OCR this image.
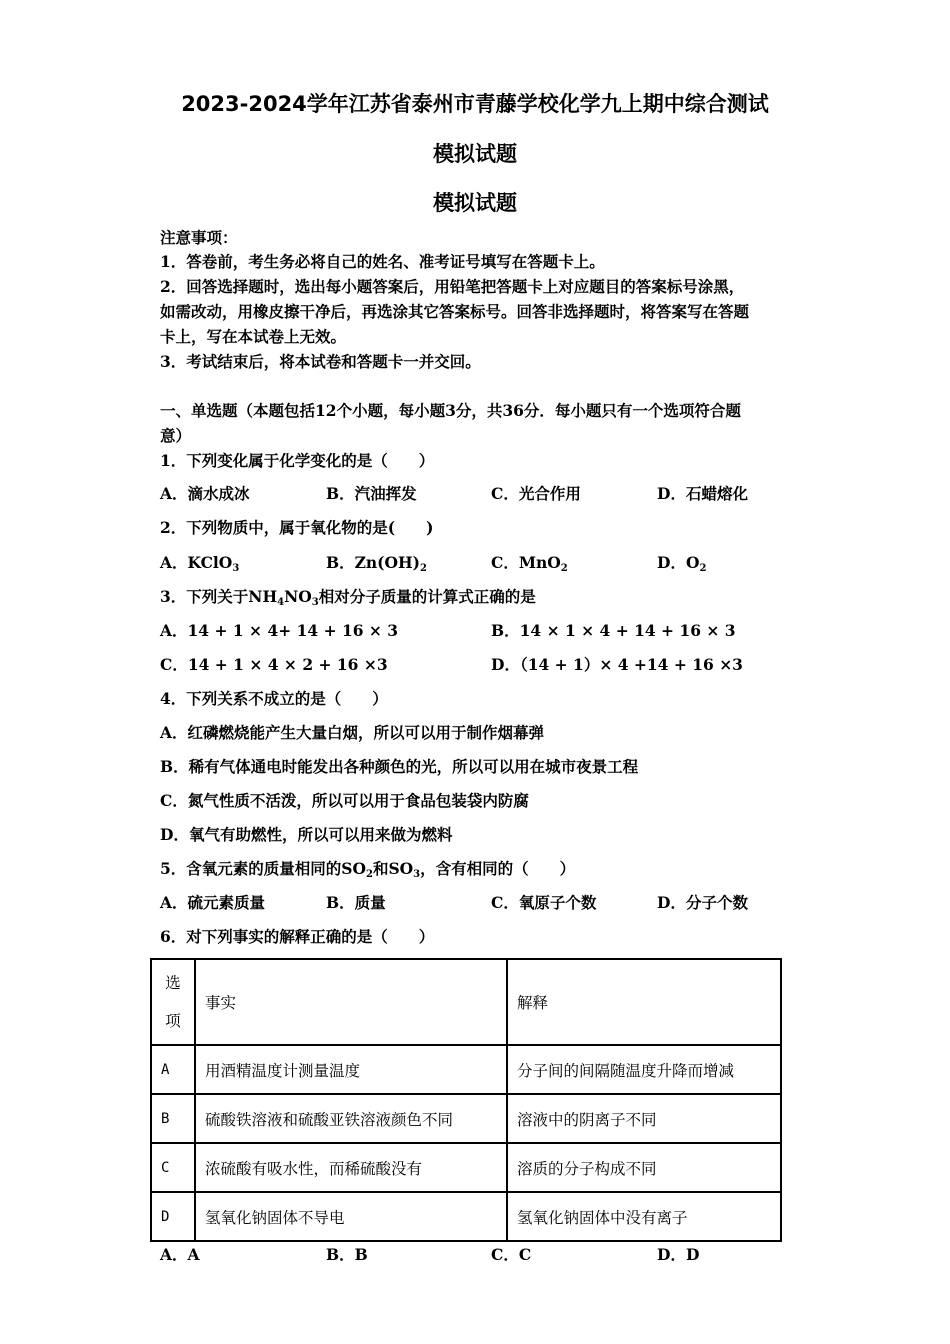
2023-2024学年江苏省泰州市青藤学校化学九上期中综合测试
模拟试题
模拟试题
注意事项：
1．答卷前，考生务必将自己的姓名、准考证号填写在答题卡上。
2．回答选择题时，选出每小题答案后，用铅笔把答题卡上对应题目的答案标号涂黑，
如需改动，用橡皮擦干净后，再选涂其它答案标号。回答非选择题时，将答案写在答题
卡上，写在本试卷上无效。
3．考试结束后，将本试卷和答题卡一并交回。
一、单选题（本题包括12个小题，每小题3分，共36分．每小题只有一个选项符合题
意）
1．下列变化属于化学变化的是（　　）
A．滴水成冰	B．汽油挥发	C．光合作用	D．石蜡熔化
2．下列物质中，属于氧化物的是(　　)
A．KClO$_3$	B．$Zn(OH)_2$	C．MnO$_2$	D．$O_2$
3．下列关于$NH_4NO_3$相对分子质量的计算式正确的是
A．14 + 1 × 4+ 14 + 16 × 3	B．14 × 1 × 4 + 14 + 16 × 3
C．14 + 1 × 4 × 2 + 16 ×3	D．（14 + 1）× 4 +14 + 16 ×3
4．下列关系不成立的是（　　）
A．红磷燃烧能产生大量白烟，所以可以用于制作烟幕弹
B．稀有气体通电时能发出各种颜色的光，所以可以用在城市夜景工程
C．氮气性质不活泼，所以可以用于食品包装袋内防腐
D．氧气有助燃性，所以可以用来做为燃料
5．含氧元素的质量相同的$SO_2$和$SO_3$，含有相同的（　　）
A．硫元素质量	B．质量	C．氧原子个数	D．分子个数
6．对下列事实的解释正确的是（　　）
选
项	事实	解释
A	用酒精温度计测量温度	分子间的间隔随温度升降而增减
B	硫酸铁溶液和硫酸亚铁溶液颜色不同	溶液中的阴离子不同
C	浓硫酸有吸水性，而稀硫酸没有	溶质的分子构成不同
D	氢氧化钠固体不导电	氢氧化钠固体中没有离子
A．A	B．B	C．C	D．D
